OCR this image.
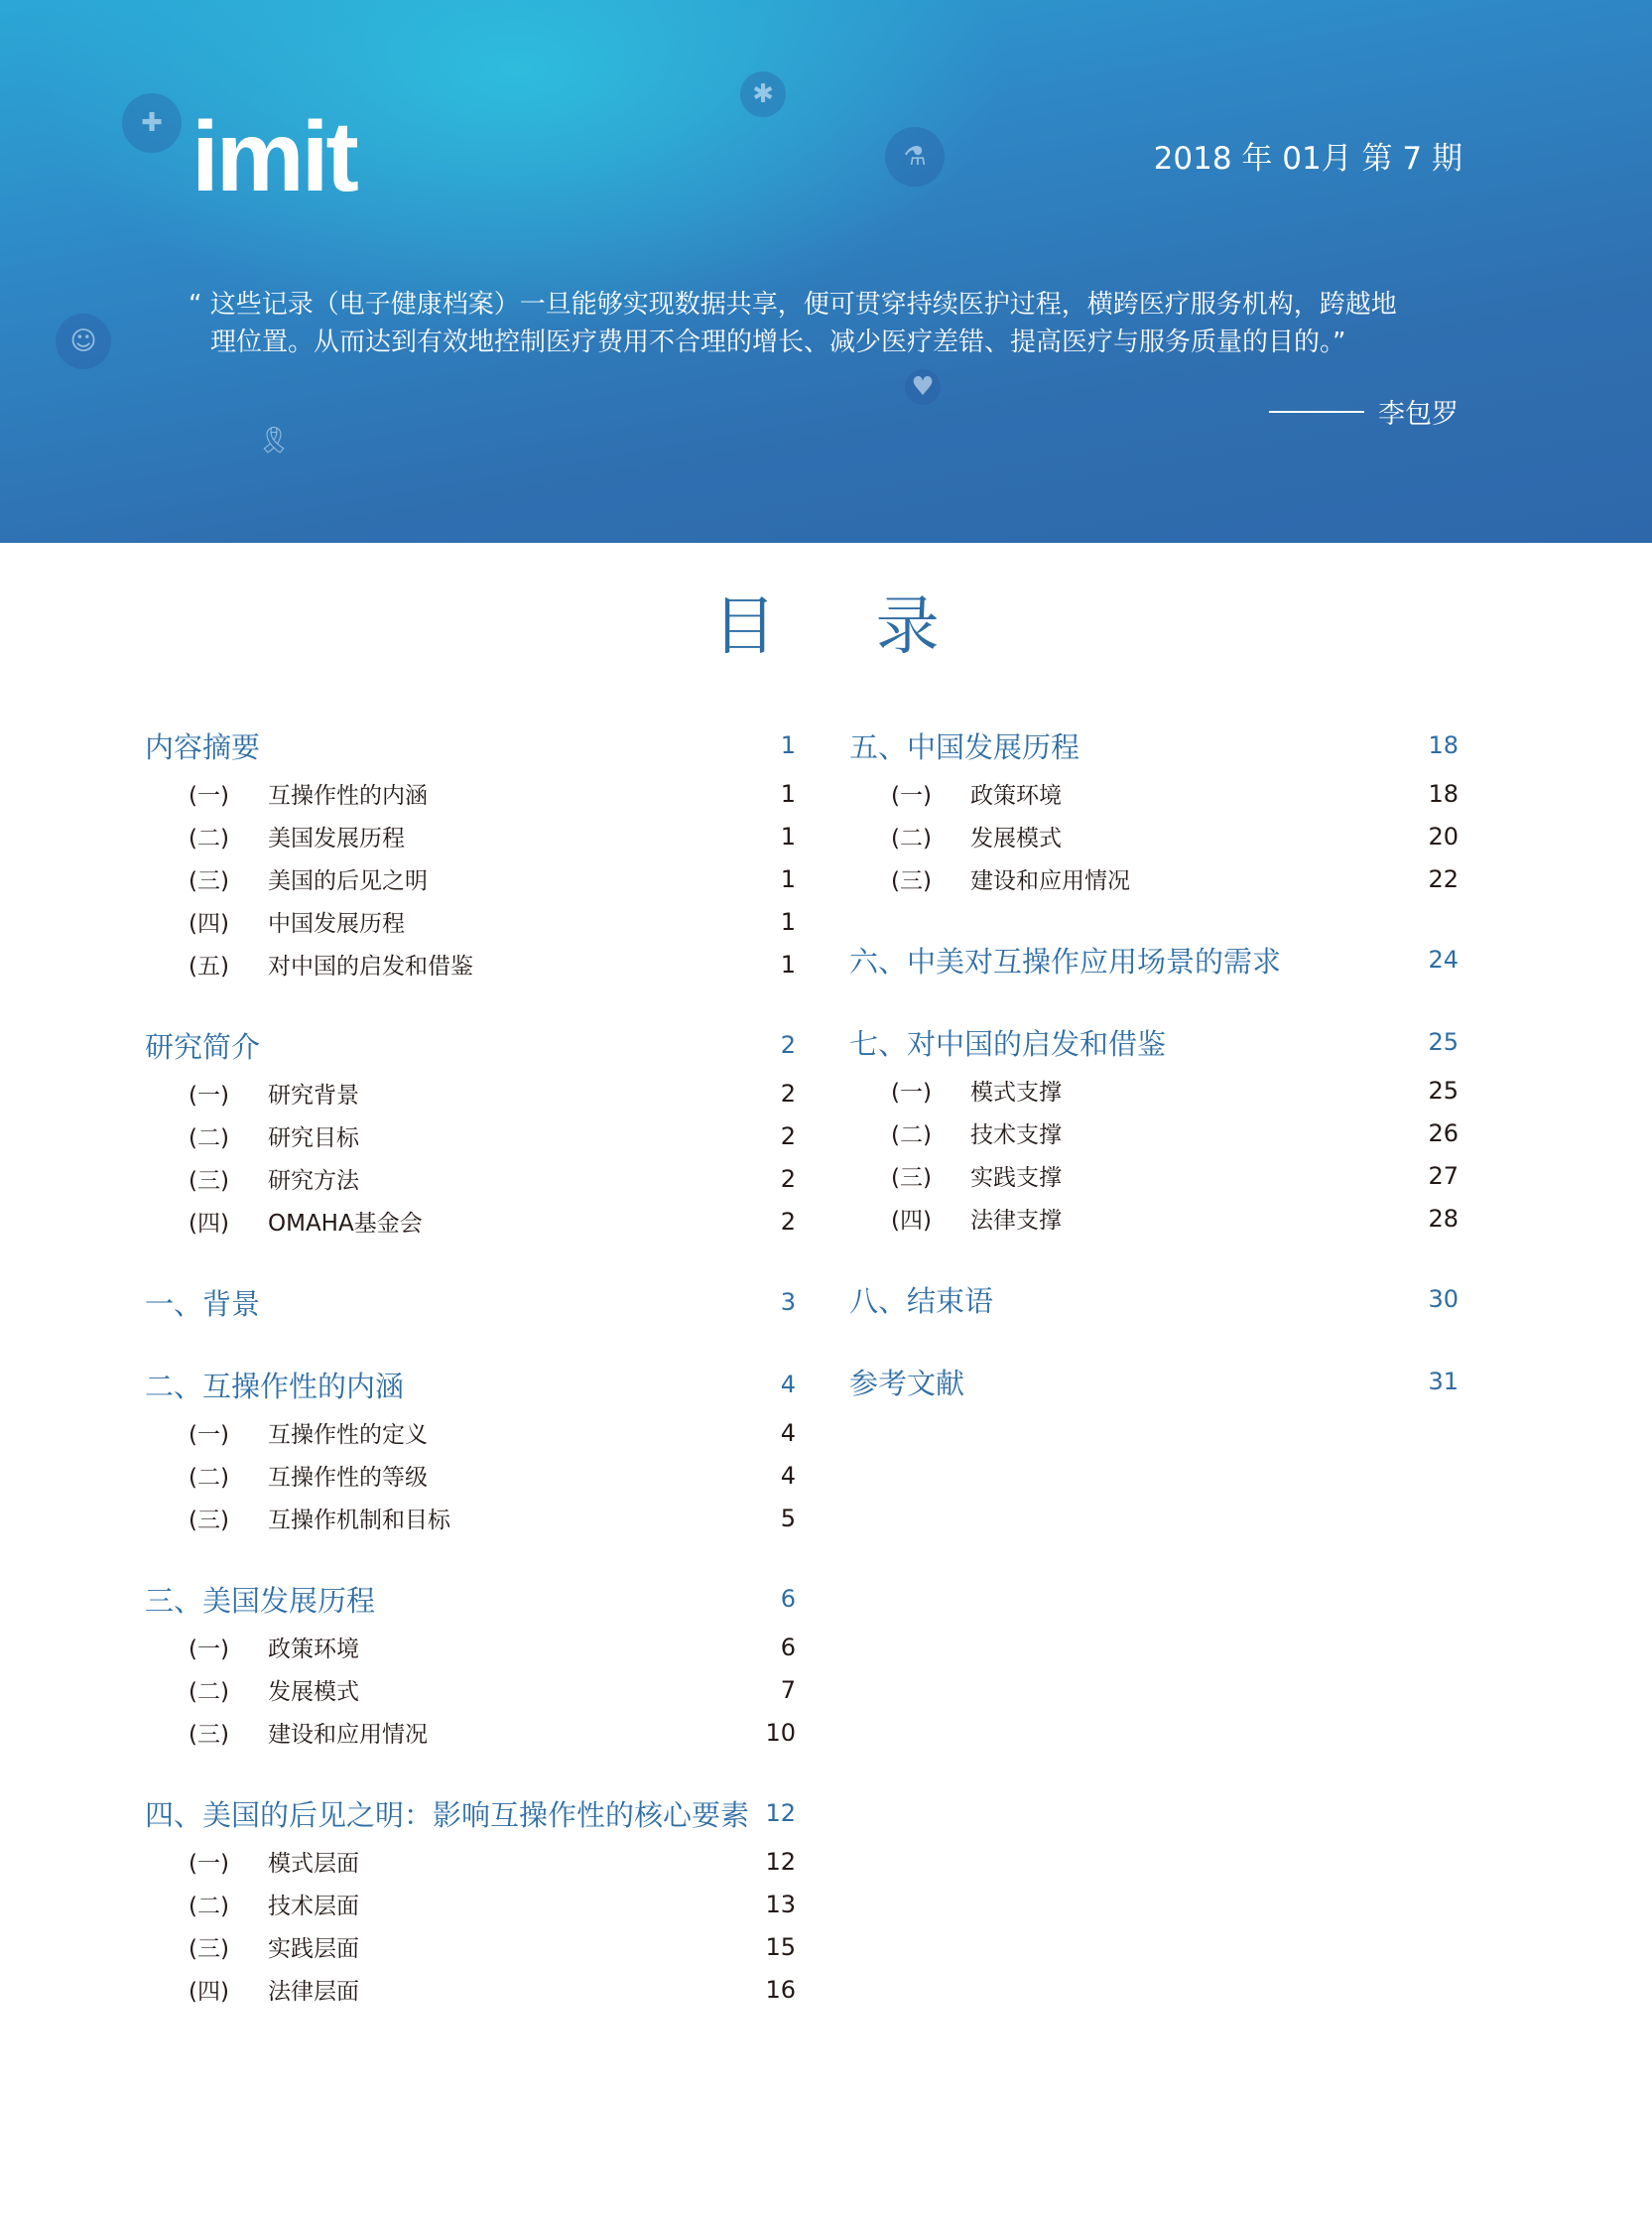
✚
✱
⚗
☺
♥
🎗
imit	2018 年 01月 第 7 期
“ 这些记录（电子健康档案）一旦能够实现数据共享，便可贯穿持续医护过程，横跨医疗服务机构，跨越地
理位置。从而达到有效地控制医疗费用不合理的增长、减少医疗差错、提高医疗与服务质量的目的。”
李包罗
目 录
内容摘要	1
(一)	互操作性的内涵	1
(二)	美国发展历程	1
(三)	美国的后见之明	1
(四)	中国发展历程	1
(五)	对中国的启发和借鉴	1
研究简介	2
(一)	研究背景	2
(二)	研究目标	2
(三)	研究方法	2
(四)	OMAHA基金会	2
一、背景	3
二、互操作性的内涵	4
(一)	互操作性的定义	4
(二)	互操作性的等级	4
(三)	互操作机制和目标	5
三、美国发展历程	6
(一)	政策环境	6
(二)	发展模式	7
(三)	建设和应用情况	10
四、美国的后见之明：影响互操作性的核心要素 12
(一)	模式层面	12
(二)	技术层面	13
(三)	实践层面	15
(四)	法律层面	16
五、中国发展历程	18
(一)	政策环境	18
(二)	发展模式	20
(三)	建设和应用情况	22
六、中美对互操作应用场景的需求	24
七、对中国的启发和借鉴	25
(一)	模式支撑	25
(二)	技术支撑	26
(三)	实践支撑	27
(四)	法律支撑	28
八、结束语	30
参考文献	31
